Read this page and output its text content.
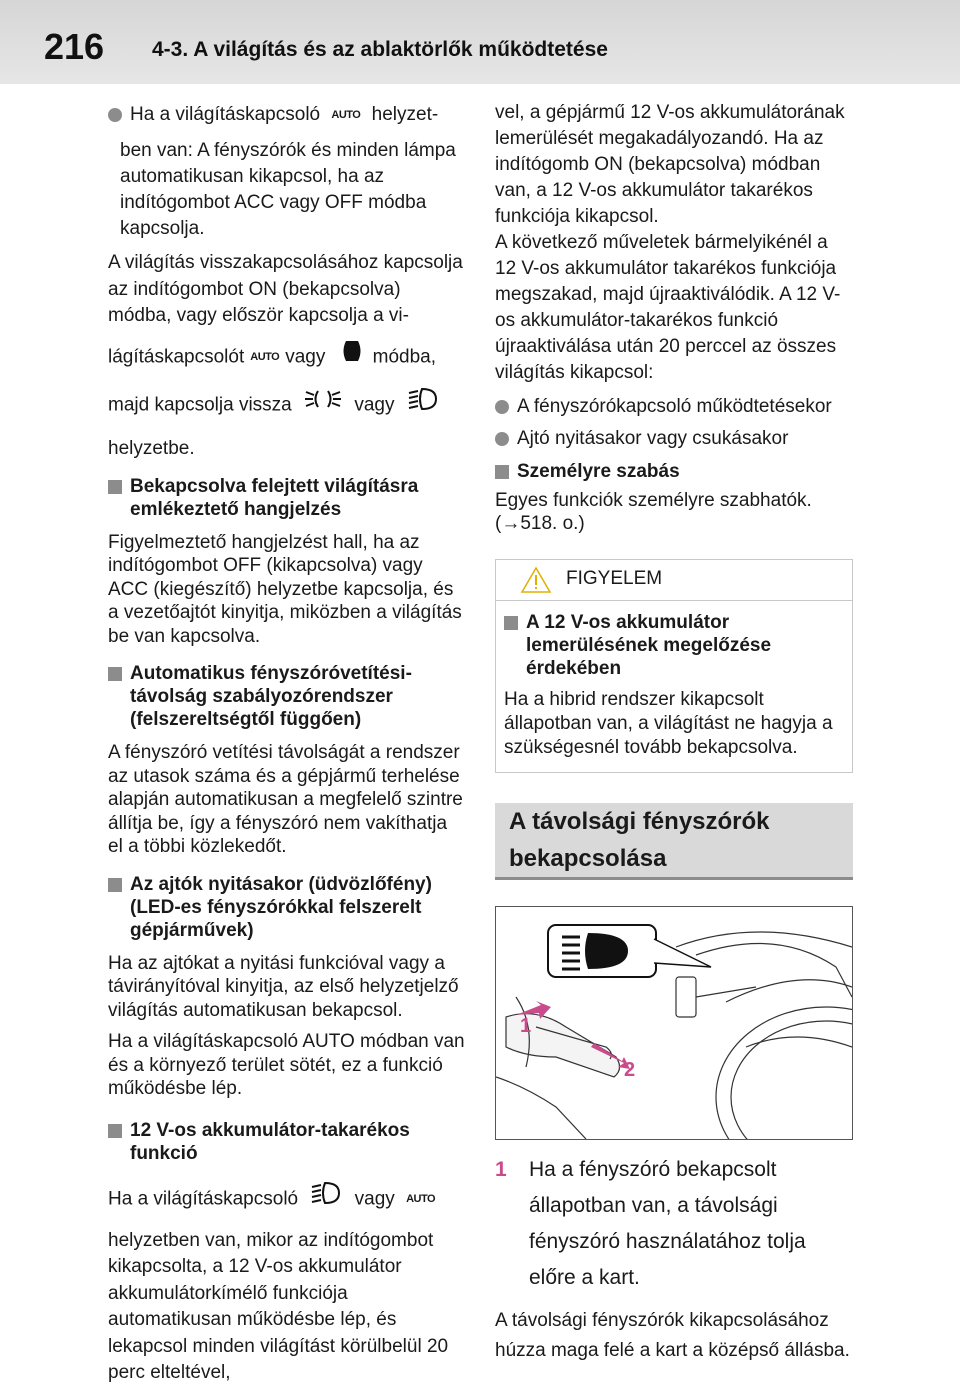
216 4-3. A világítás és az ablaktörlők működtetése
Ha a világításkapcsoló AUTO helyzet-

ben van: A fényszórók és minden lámpa automatikusan kikapcsol, ha az indítógombot ACC vagy OFF módba kapcsolja.

A világítás visszakapcsolásához kapcsolja az indítógombot ON (bekapcsolva) módba, vagy először kapcsolja a vi-

lágításkapcsolót AUTO vagy módba,

majd kapcsolja vissza	vagy

helyzetbe.

Bekapcsolva felejtett világításra emlékeztető hangjelzés

Figyelmeztető hangjelzést hall, ha az indítógombot OFF (kikapcsolva) vagy ACC (kiegészítő) helyzetbe kapcsolja, és a vezetőajtót kinyitja, miközben a világítás be van kapcsolva.

Automatikus fényszóróvetítési-távolság szabályozórendszer (felszereltségtől függően)

A fényszóró vetítési távolságát a rendszer az utasok száma és a gépjármű terhelése alapján automatikusan a megfelelő szintre állítja be, így a fényszóró nem vakíthatja el a többi közlekedőt.

Az ajtók nyitásakor (üdvözlőfény) (LED-es fényszórókkal felszerelt gépjárművek)

Ha az ajtókat a nyitási funkcióval vagy a távirányítóval kinyitja, az első helyzetjelző világítás automatikusan bekapcsol.

Ha a világításkapcsoló AUTO módban van és a környező terület sötét, ez a funkció működésbe lép.

12 V-os akkumulátor-takarékos funkció

Ha a világításkapcsoló	vagy AUTO

helyzetben van, mikor az indítógombot kikapcsolta, a 12 V-os akkumulátor akkumulátorkímélő funkciója automatikusan működésbe lép, és lekapcsol minden világítást körülbelül 20 perc elteltével,

vel, a gépjármű 12 V-os akkumulátorának lemerülését megakadályozandó. Ha az indítógomb ON (bekapcsolva) módban van, a 12 V-os akkumulátor takarékos funkciója kikapcsol.

A következő műveletek bármelyikénél a 12 V-os akkumulátor takarékos funkciója megszakad, majd újraaktiválódik. A 12 V-os akkumulátor-takarékos funkció újraaktiválása után 20 perccel az összes világítás kikapcsol:

A fényszórókapcsoló működtetésekor
Ajtó nyitásakor vagy csukásakor
Személyre szabás

Egyes funkciók személyre szabhatók. (→518. o.)

FIGYELEM
A 12 V-os akkumulátor lemerülésének megelőzése érdekében

Ha a hibrid rendszer kikapcsolt állapotban van, a világítást ne hagyja a szükségesnél tovább bekapcsolva.

A távolsági fényszórók
bekapcsolása
1
2
1 Ha a fényszóró bekapcsolt állapotban van, a távolsági fényszóró használatához tolja előre a kart.

A távolsági fényszórók kikapcsolásához húzza maga felé a kart a középső állásba.
